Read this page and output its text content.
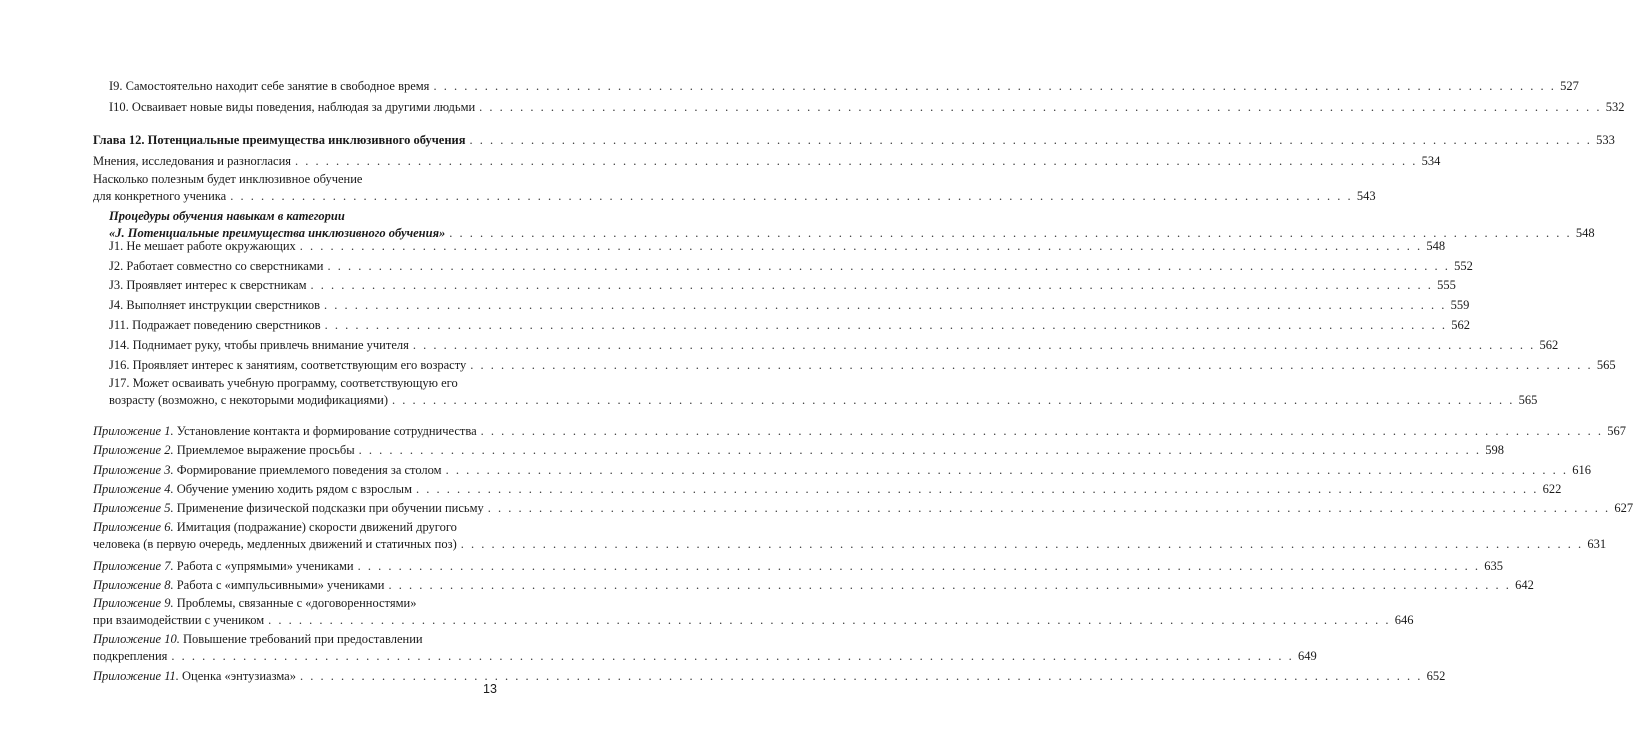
I9. Самостоятельно находит себе занятие в свободное время . . .	527
I10. Осваивает новые виды поведения, наблюдая за другими людьми . . .	532
Глава 12. Потенциальные преимущества инклюзивного обучения . . .	533
Мнения, исследования и разногласия . . .	534
Насколько полезным будет инклюзивное обучение
для конкретного ученика . . .	543
Процедуры обучения навыкам в категории
«J. Потенциальные преимущества инклюзивного обучения» . . .	548
J1. Не мешает работе окружающих . . .	548
J2. Работает совместно со сверстниками . . .	552
J3. Проявляет интерес к сверстникам . . .	555
J4. Выполняет инструкции сверстников . . .	559
J11. Подражает поведению сверстников . . .	562
J14. Поднимает руку, чтобы привлечь внимание учителя . . .	562
J16. Проявляет интерес к занятиям, соответствующим его возрасту . . .	565
J17. Может осваивать учебную программу, соответствующую его
возрасту (возможно, с некоторыми модификациями) . . .	565
Приложение 1. Установление контакта и формирование сотрудничества . . .	567
Приложение 2. Приемлемое выражение просьбы . . .	598
Приложение 3. Формирование приемлемого поведения за столом . . .	616
Приложение 4. Обучение умению ходить рядом с взрослым . . .	622
Приложение 5. Применение физической подсказки при обучении письму . . .	627
Приложение 6. Имитация (подражание) скорости движений другого
человека (в первую очередь, медленных движений и статичных поз) . . .	631
Приложение 7. Работа с «упрямыми» учениками . . .	635
Приложение 8. Работа с «импульсивными» учениками . . .	642
Приложение 9. Проблемы, связанные с «договоренностями»
при взаимодействии с учеником . . .	646
Приложение 10. Повышение требований при предоставлении
подкрепления . . .	649
Приложение 11. Оценка «энтузиазма» . . .	652
13
